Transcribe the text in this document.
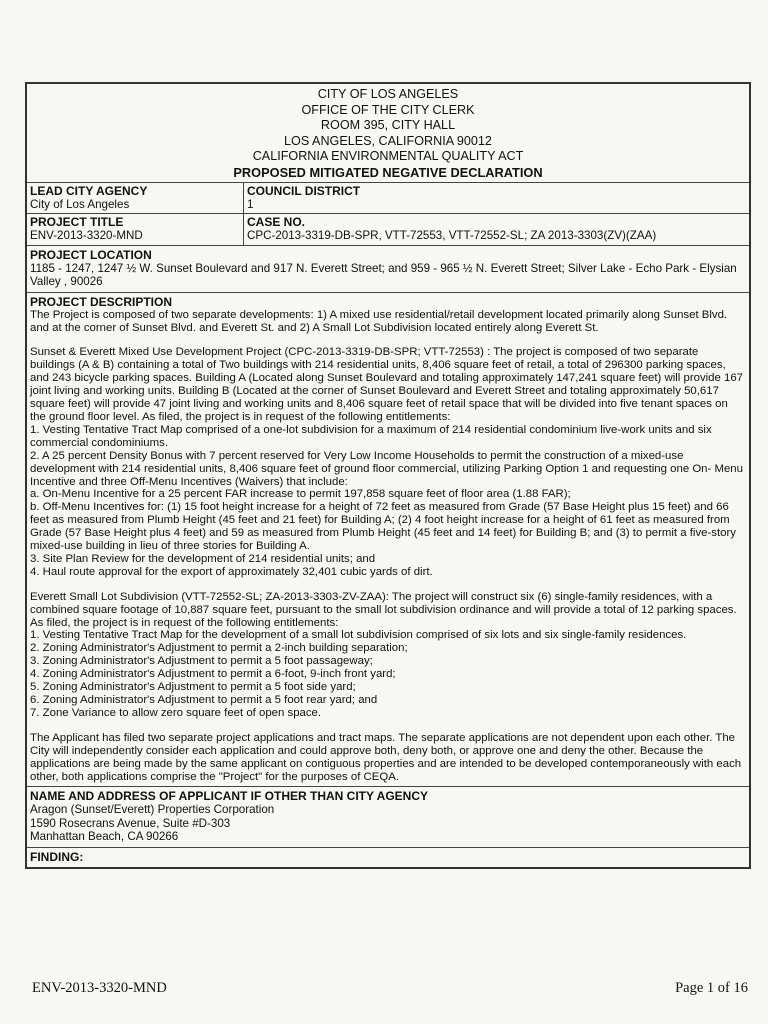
CITY OF LOS ANGELES
OFFICE OF THE CITY CLERK
ROOM 395, CITY HALL
LOS ANGELES, CALIFORNIA 90012
CALIFORNIA ENVIRONMENTAL QUALITY ACT
PROPOSED MITIGATED NEGATIVE DECLARATION
LEAD CITY AGENCY
City of Los Angeles
COUNCIL DISTRICT
1
PROJECT TITLE
ENV-2013-3320-MND
CASE NO.
CPC-2013-3319-DB-SPR, VTT-72553, VTT-72552-SL; ZA 2013-3303(ZV)(ZAA)
PROJECT LOCATION
1185 - 1247, 1247 ½ W. Sunset Boulevard and 917 N. Everett Street; and 959 - 965 ½ N. Everett Street; Silver Lake - Echo Park - Elysian Valley , 90026
PROJECT DESCRIPTION

The Project is composed of two separate developments: 1) A mixed use residential/retail development located primarily along Sunset Blvd. and at the corner of Sunset Blvd. and Everett St. and 2) A Small Lot Subdivision located entirely along Everett St.

Sunset & Everett Mixed Use Development Project (CPC-2013-3319-DB-SPR; VTT-72553) : The project is composed of two separate buildings (A & B) containing a total of Two buildings with 214 residential units, 8,406 square feet of retail, a total of 296300 parking spaces, and 243 bicycle parking spaces. Building A (Located along Sunset Boulevard and totaling approximately 147,241 square feet) will provide 167 joint living and working units. Building B (Located at the corner of Sunset Boulevard and Everett Street and totaling approximately 50,617 square feet) will provide 47 joint living and working units and 8,406 square feet of retail space that will be divided into five tenant spaces on the ground floor level. As filed, the project is in request of the following entitlements:

1. Vesting Tentative Tract Map comprised of a one-lot subdivision for a maximum of 214 residential condominium live-work units and six commercial condominiums.

2. A 25 percent Density Bonus with 7 percent reserved for Very Low Income Households to permit the construction of a mixed-use development with 214 residential units, 8,406 square feet of ground floor commercial, utilizing Parking Option 1 and requesting one On- Menu Incentive and three Off-Menu Incentives (Waivers) that include:

a. On-Menu Incentive for a 25 percent FAR increase to permit 197,858 square feet of floor area (1.88 FAR);

b. Off-Menu Incentives for: (1) 15 foot height increase for a height of 72 feet as measured from Grade (57 Base Height plus 15 feet) and 66 feet as measured from Plumb Height (45 feet and 21 feet) for Building A; (2) 4 foot height increase for a height of 61 feet as measured from Grade (57 Base Height plus 4 feet) and 59 as measured from Plumb Height (45 feet and 14 feet) for Building B; and (3) to permit a five-story mixed-use building in lieu of three stories for Building A.

3. Site Plan Review for the development of 214 residential units; and

4. Haul route approval for the export of approximately 32,401 cubic yards of dirt.

Everett Small Lot Subdivision (VTT-72552-SL; ZA-2013-3303-ZV-ZAA): The project will construct six (6) single-family residences, with a combined square footage of 10,887 square feet, pursuant to the small lot subdivision ordinance and will provide a total of 12 parking spaces. As filed, the project is in request of the following entitlements:

1. Vesting Tentative Tract Map for the development of a small lot subdivision comprised of six lots and six single-family residences.

2. Zoning Administrator's Adjustment to permit a 2-inch building separation;

3. Zoning Administrator's Adjustment to permit a 5 foot passageway;

4. Zoning Administrator's Adjustment to permit a 6-foot, 9-inch front yard;

5. Zoning Administrator's Adjustment to permit a 5 foot side yard;

6. Zoning Administrator's Adjustment to permit a 5 foot rear yard; and

7. Zone Variance to allow zero square feet of open space.

The Applicant has filed two separate project applications and tract maps. The separate applications are not dependent upon each other. The City will independently consider each application and could approve both, deny both, or approve one and deny the other. Because the applications are being made by the same applicant on contiguous properties and are intended to be developed contemporaneously with each other, both applications comprise the "Project" for the purposes of CEQA.

NAME AND ADDRESS OF APPLICANT IF OTHER THAN CITY AGENCY
Aragon (Sunset/Everett) Properties Corporation
1590 Rosecrans Avenue, Suite #D-303
Manhattan Beach, CA 90266
FINDING:
ENV-2013-3320-MND	Page 1 of 16
